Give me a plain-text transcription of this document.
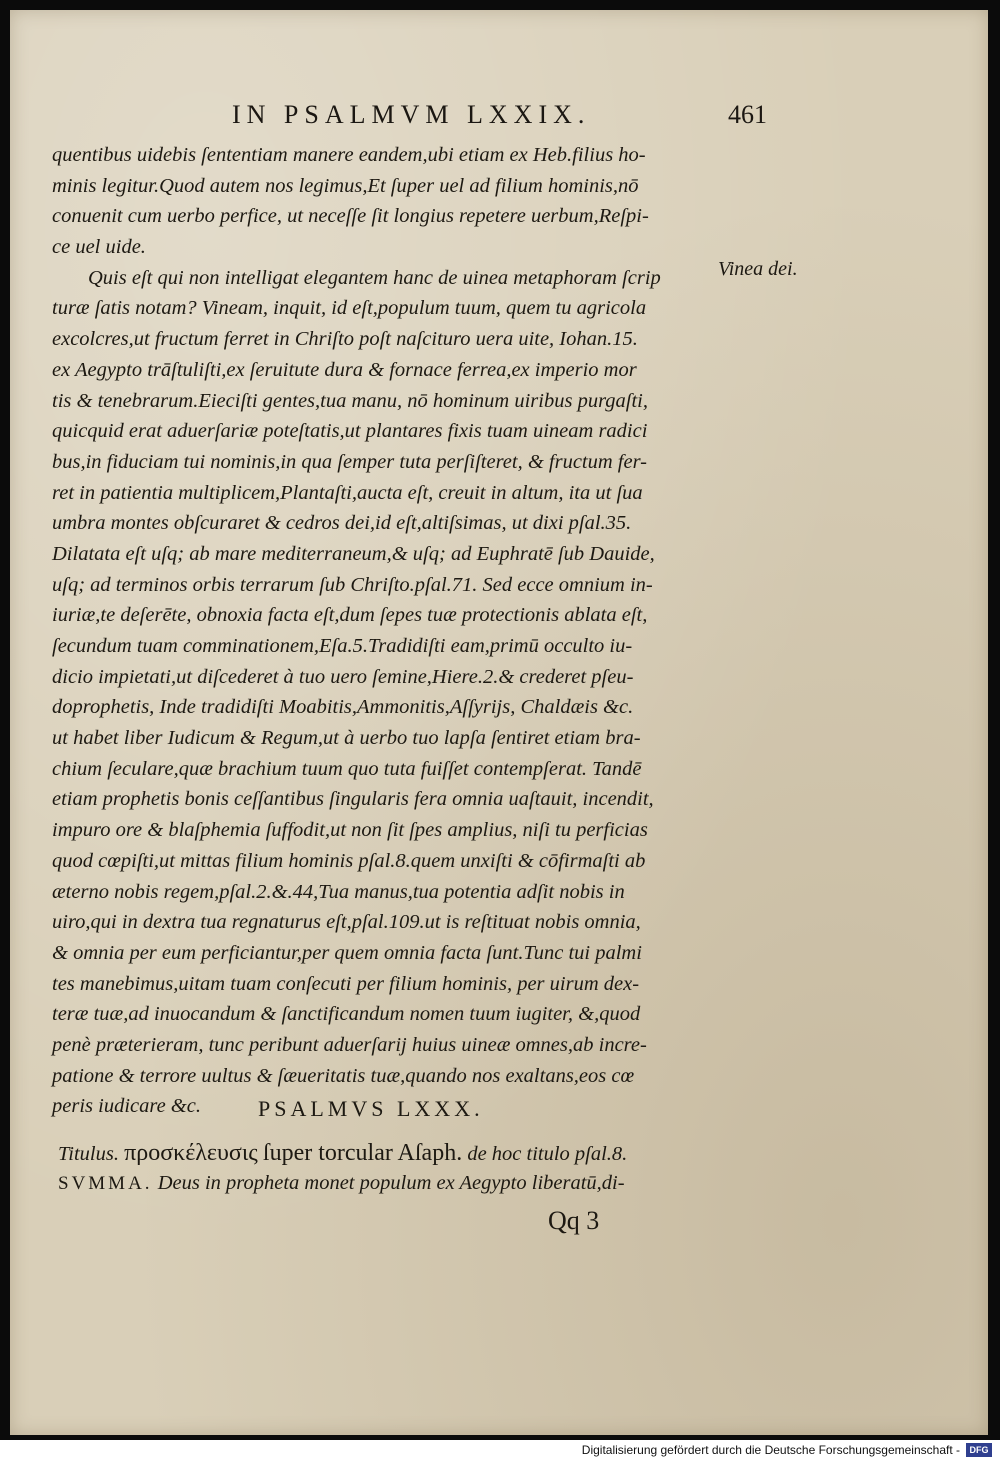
IN PSALMVM LXXIX.	461
quentibus uidebis ſententiam manere eandem,ubi etiam ex Heb.filius ho-
minis legitur.Quod autem nos legimus,Et ſuper uel ad filium hominis,nō
conuenit cum uerbo perfice, ut neceſſe ſit longius repetere uerbum,Reſpi-
ce uel uide.
Quis eſt qui non intelligat elegantem hanc de uinea metaphoram ſcrip
turæ ſatis notam? Vineam, inquit, id eſt,populum tuum, quem tu agricola
excolcres,ut fructum ferret in Chriſto poſt naſcituro uera uite, Iohan.15.
ex Aegypto trāſtuliſti,ex ſeruitute dura & fornace ferrea,ex imperio mor
tis & tenebrarum.Eieciſti gentes,tua manu, nō hominum uiribus purgaſti,
quicquid erat aduerſariæ poteſtatis,ut plantares fixis tuam uineam radici
bus,in fiduciam tui nominis,in qua ſemper tuta perſiſteret, & fructum fer-
ret in patientia multiplicem,Plantaſti,aucta eſt, creuit in altum, ita ut ſua
umbra montes obſcuraret & cedros dei,id eſt,altiſsimas, ut dixi pſal.35.
Dilatata eſt uſq; ab mare mediterraneum,& uſq; ad Euphratē ſub Dauide,
uſq; ad terminos orbis terrarum ſub Chriſto.pſal.71. Sed ecce omnium in-
iuriæ,te deſerēte, obnoxia facta eſt,dum ſepes tuæ protectionis ablata eſt,
ſecundum tuam comminationem,Eſa.5.Tradidiſti eam,primū occulto iu-
dicio impietati,ut diſcederet à tuo uero ſemine,Hiere.2.& crederet pſeu-
doprophetis, Inde tradidiſti Moabitis,Ammonitis,Aſſyrijs, Chaldæis &c.
ut habet liber Iudicum & Regum,ut à uerbo tuo lapſa ſentiret etiam bra-
chium ſeculare,quæ brachium tuum quo tuta fuiſſet contempſerat. Tandē
etiam prophetis bonis ceſſantibus ſingularis fera omnia uaſtauit, incendit,
impuro ore & blaſphemia ſuffodit,ut non ſit ſpes amplius, niſi tu perficias
quod cœpiſti,ut mittas filium hominis pſal.8.quem unxiſti & cōfirmaſti ab
æterno nobis regem,pſal.2.&.44,Tua manus,tua potentia adſit nobis in
uiro,qui in dextra tua regnaturus eſt,pſal.109.ut is reſtituat nobis omnia,
& omnia per eum perficiantur,per quem omnia facta ſunt.Tunc tui palmi
tes manebimus,uitam tuam conſecuti per filium hominis, per uirum dex-
teræ tuæ,ad inuocandum & ſanctificandum nomen tuum iugiter, &,quod
penè præterieram, tunc peribunt aduerſarij huius uineæ omnes,ab incre-
patione & terrore uultus & ſæueritatis tuæ,quando nos exaltans,eos cœ
peris iudicare &c.
Vinea dei.
PSALMVS LXXX.
Titulus. προσκέλευσις ſuper torcular Aſaph. de hoc titulo pſal.8.
SVMMA. Deus in propheta monet populum ex Aegypto liberatū,di-
Qq 3
Digitalisierung gefördert durch die Deutsche Forschungsgemeinschaft -	DFG
